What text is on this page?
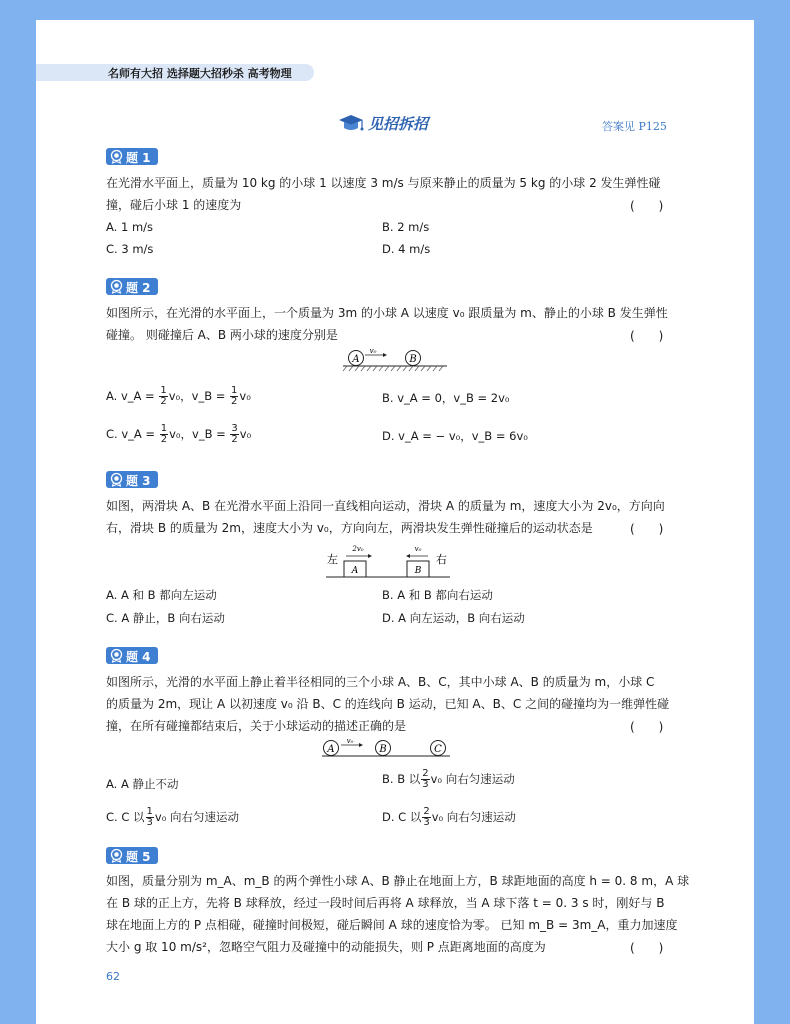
名师有大招 选择题大招秒杀 高考物理
见招拆招	答案见 P125
题 1
在光滑水平面上，质量为 10 kg 的小球 1 以速度 3 m/s 与原来静止的质量为 5 kg 的小球 2 发生弹性碰
撞，碰后小球 1 的速度为	(　　)
A. 1 m/s	B. 2 m/s
C. 3 m/s	D. 4 m/s
题 2
如图所示，在光滑的水平面上，一个质量为 3m 的小球 A 以速度 v₀ 跟质量为 m、静止的小球 B 发生弹性
碰撞。 则碰撞后 A、B 两小球的速度分别是	(　　)
A
v₀
B
A. v_A = $\frac{1}{2} v_0$，v_B = $\frac{1}{2} v_0$	B. v_A = 0，v_B = 2v₀
C. v_A = $\frac{1}{2} v_0$，v_B = $\frac{3}{2} v_0$	D. v_A = − v₀，v_B = 6v₀
题 3
如图，两滑块 A、B 在光滑水平面上沿同一直线相向运动，滑块 A 的质量为 m，速度大小为 2v₀，方向向
右，滑块 B 的质量为 2m，速度大小为 v₀，方向向左，两滑块发生弹性碰撞后的运动状态是	(　　)
左	右
A
2v₀
B
v₀
A. A 和 B 都向左运动	B. A 和 B 都向右运动
C. A 静止，B 向右运动	D. A 向左运动，B 向右运动
题 4
如图所示，光滑的水平面上静止着半径相同的三个小球 A、B、C，其中小球 A、B 的质量为 m，小球 C
的质量为 2m，现让 A 以初速度 v₀ 沿 B、C 的连线向 B 运动，已知 A、B、C 之间的碰撞均为一维弹性碰
撞，在所有碰撞都结束后，关于小球运动的描述正确的是	(　　)
A
v₀
B	C
A. A 静止不动	B. B 以 $\frac{2}{3} v_0$ 向右匀速运动
C. C 以 $\frac{1}{3} v_0$ 向右匀速运动	D. C 以 $\frac{2}{3} v_0$ 向右匀速运动
题 5
如图，质量分别为 m_A、m_B 的两个弹性小球 A、B 静止在地面上方，B 球距地面的高度 h = 0. 8 m，A 球
在 B 球的正上方，先将 B 球释放，经过一段时间后再将 A 球释放，当 A 球下落 t = 0. 3 s 时，刚好与 B
球在地面上方的 P 点相碰，碰撞时间极短，碰后瞬间 A 球的速度恰为零。 已知 m_B = 3m_A，重力加速度
大小 g 取 10 m/s²，忽略空气阻力及碰撞中的动能损失，则 P 点距离地面的高度为	(　　)
62
